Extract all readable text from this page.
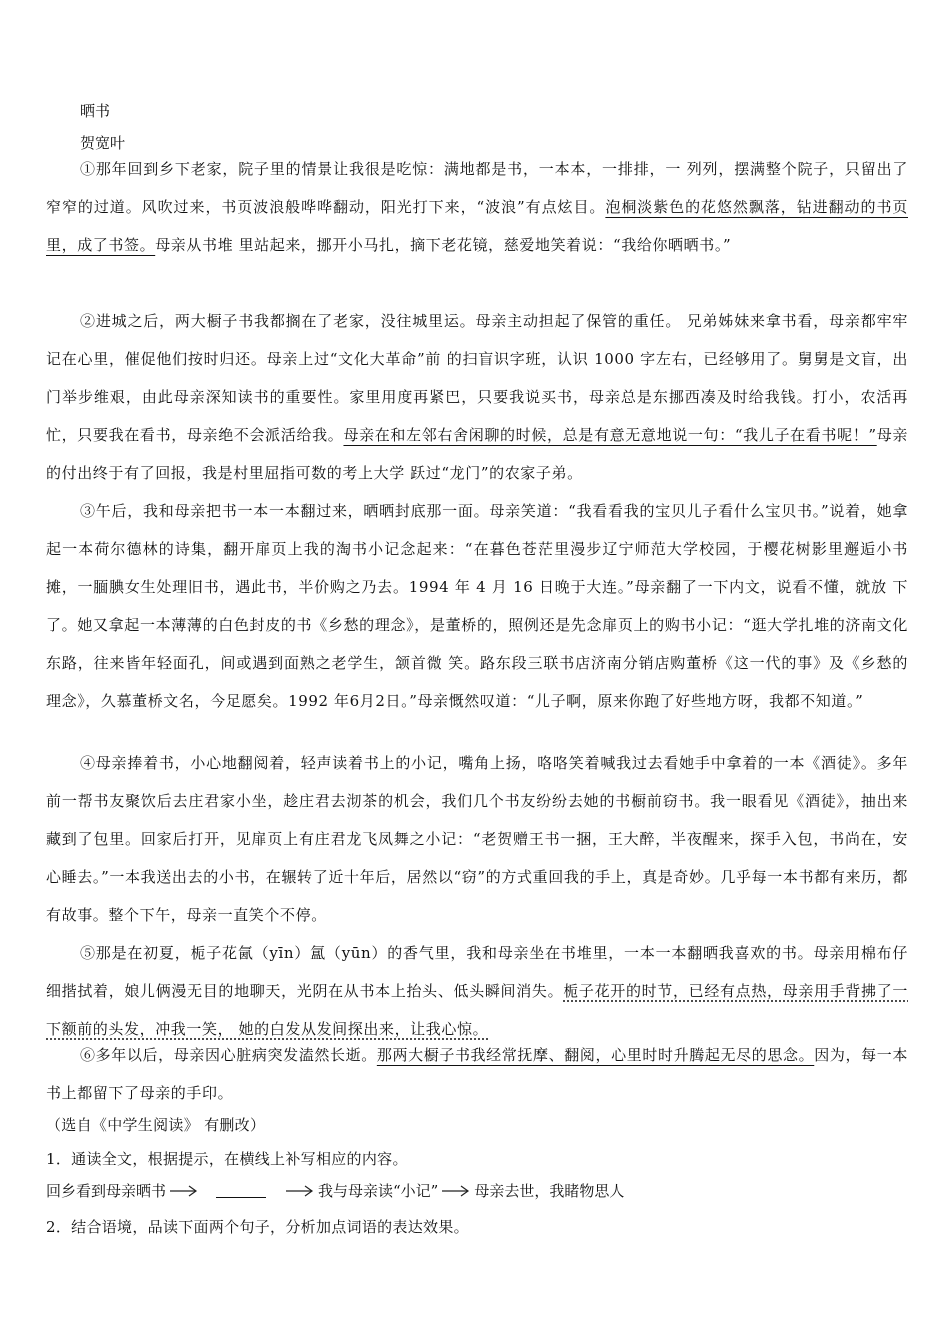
晒书
贺宽叶

①那年回到乡下老家，院子里的情景让我很是吃惊：满地都是书，一本本，一排排，一 列列，摆满整个院子，只留出了窄窄的过道。风吹过来，书页波浪般哗哗翻动，阳光打下来，“波浪”有点炫目。泡桐淡紫色的花悠然飘落，钻进翻动的书页里，成了书签。母亲从书堆 里站起来，挪开小马扎，摘下老花镜，慈爱地笑着说：“我给你晒晒书。”

②进城之后，两大橱子书我都搁在了老家，没往城里运。母亲主动担起了保管的重任。 兄弟姊妹来拿书看，母亲都牢牢记在心里，催促他们按时归还。母亲上过“文化大革命”前 的扫盲识字班，认识 1000 字左右，已经够用了。舅舅是文盲，出门举步维艰，由此母亲深知读书的重要性。家里用度再紧巴，只要我说买书，母亲总是东挪西凑及时给我钱。打小，农活再忙，只要我在看书，母亲绝不会派活给我。母亲在和左邻右舍闲聊的时候，总是有意无意地说一句：“我儿子在看书呢！”母亲的付出终于有了回报，我是村里屈指可数的考上大学 跃过“龙门”的农家子弟。

③午后，我和母亲把书一本一本翻过来，晒晒封底那一面。母亲笑道：“我看看我的宝贝儿子看什么宝贝书。”说着，她拿起一本荷尔德林的诗集，翻开扉页上我的淘书小记念起来：“在暮色苍茫里漫步辽宁师范大学校园，于樱花树影里邂逅小书摊，一腼腆女生处理旧书，遇此书，半价购之乃去。1994 年 4 月 16 日晚于大连。”母亲翻了一下内文，说看不懂，就放 下了。她又拿起一本薄薄的白色封皮的书《乡愁的理念》，是董桥的，照例还是先念扉页上的购书小记：“逛大学扎堆的济南文化东路，往来皆年轻面孔，间或遇到面熟之老学生，颔首微 笑。路东段三联书店济南分销店购董桥《这一代的事》及《乡愁的理念》，久慕董桥文名，今足愿矣。1992 年6月2日。”母亲慨然叹道：“儿子啊，原来你跑了好些地方呀，我都不知道。”

④母亲捧着书，小心地翻阅着，轻声读着书上的小记，嘴角上扬，咯咯笑着喊我过去看她手中拿着的一本《酒徒》。多年前一帮书友聚饮后去庄君家小坐，趁庄君去沏茶的机会，我们几个书友纷纷去她的书橱前窃书。我一眼看见《酒徒》，抽出来藏到了包里。回家后打开，见扉页上有庄君龙飞凤舞之小记：“老贺赠王书一捆，王大醉，半夜醒来，探手入包，书尚在，安心睡去。”一本我送出去的小书，在辗转了近十年后，居然以“窃”的方式重回我的手上，真是奇妙。几乎每一本书都有来历，都有故事。整个下午，母亲一直笑个不停。

⑤那是在初夏，栀子花氤（yīn）氲（yūn）的香气里，我和母亲坐在书堆里，一本一本翻晒我喜欢的书。母亲用棉布仔细揩拭着，娘儿俩漫无目的地聊天，光阴在从书本上抬头、低头瞬间消失。栀子花开的时节，已经有点热，母亲用手背拂了一下额前的头发，冲我一笑， 她的白发从发间探出来，让我心惊。

⑥多年以后，母亲因心脏病突发溘然长逝。那两大橱子书我经常抚摩、翻阅，心里时时升腾起无尽的思念。因为，每一本书上都留下了母亲的手印。

（选自《中学生阅读》 有删改）
1．通读全文，根据提示，在横线上补写相应的内容。
回乡看到母亲晒书	我与母亲读“小记” 母亲去世，我睹物思人
2．结合语境，品读下面两个句子，分析加点词语的表达效果。
